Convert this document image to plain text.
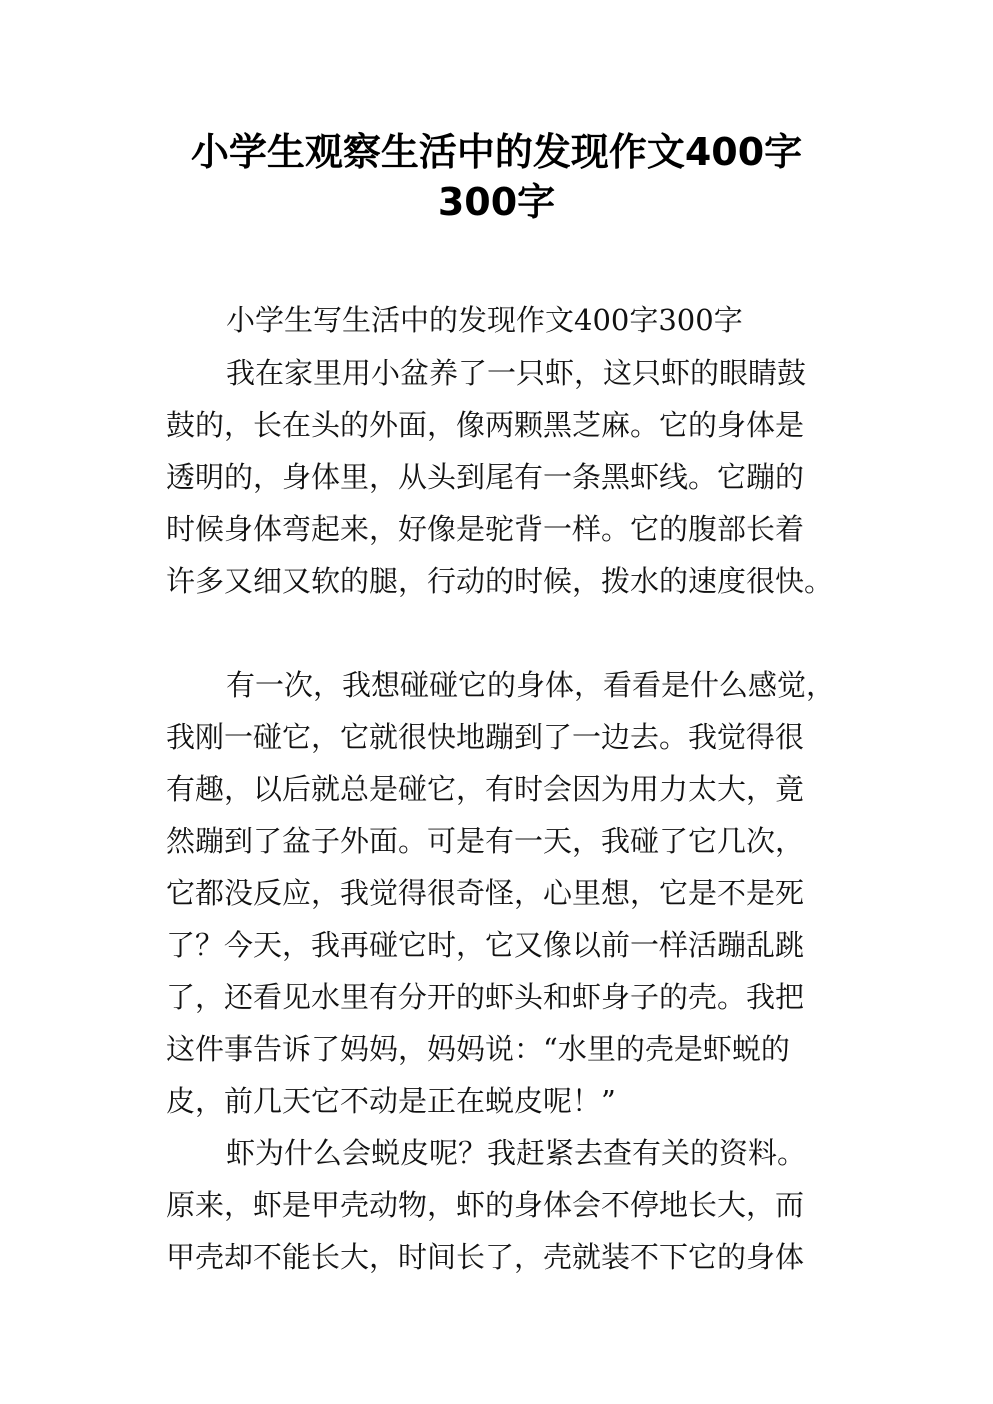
小学生观察生活中的发现作文400字
300字

小学生写生活中的发现作文400字300字

我在家里用小盆养了一只虾，这只虾的眼睛鼓

鼓的，长在头的外面，像两颗黑芝麻。它的身体是

透明的，身体里，从头到尾有一条黑虾线。它蹦的

时候身体弯起来，好像是驼背一样。它的腹部长着

许多又细又软的腿，行动的时候，拨水的速度很快。

有一次，我想碰碰它的身体，看看是什么感觉，

我刚一碰它，它就很快地蹦到了一边去。我觉得很

有趣，以后就总是碰它，有时会因为用力太大，竟

然蹦到了盆子外面。可是有一天，我碰了它几次，

它都没反应，我觉得很奇怪，心里想，它是不是死

了？今天，我再碰它时，它又像以前一样活蹦乱跳

了，还看见水里有分开的虾头和虾身子的壳。我把

这件事告诉了妈妈，妈妈说：“水里的壳是虾蜕的

皮，前几天它不动是正在蜕皮呢！”

虾为什么会蜕皮呢？我赶紧去查有关的资料。

原来，虾是甲壳动物，虾的身体会不停地长大，而

甲壳却不能长大，时间长了，壳就装不下它的身体
